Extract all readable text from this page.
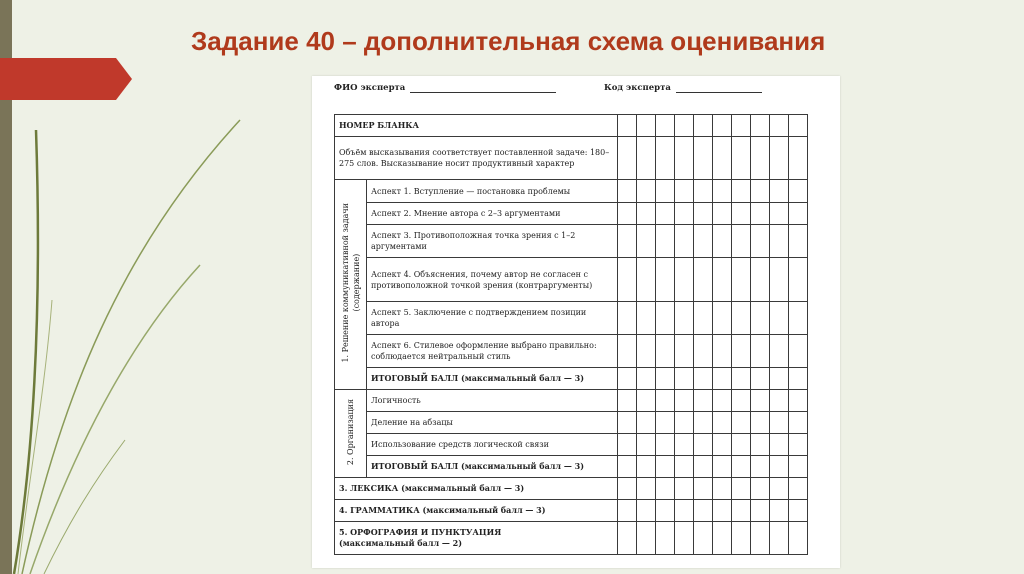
Задание 40 – дополнительная схема оценивания
ФИО эксперта	Код эксперта
НОМЕР БЛАНКА											
Объём высказывания соответствует поставленной задаче: 180–275 слов. Высказывание носит продуктивный характер											
1. Решение коммуникативной задачи
(содержание)	Аспект 1. Вступление — постановка проблемы										
	Аспект 2. Мнение автора с 2–3 аргументами										
	Аспект 3. Противоположная точка зрения с 1–2 аргументами										
	Аспект 4. Объяснения, почему автор не согласен с противоположной точкой зрения (контраргументы)										
	Аспект 5. Заключение с подтверждением позиции автора										
	Аспект 6. Стилевое оформление выбрано правильно: соблюдается нейтральный стиль										
	ИТОГОВЫЙ БАЛЛ (максимальный балл — 3)										
2. Организация	Логичность										
	Деление на абзацы										
	Использование средств логической связи										
	ИТОГОВЫЙ БАЛЛ (максимальный балл — 3)										
3. ЛЕКСИКА (максимальный балл — 3)											
4. ГРАММАТИКА (максимальный балл — 3)											

5. ОРФОГРАФИЯ И ПУНКТУАЦИЯ
(максимальный балл — 2)											
